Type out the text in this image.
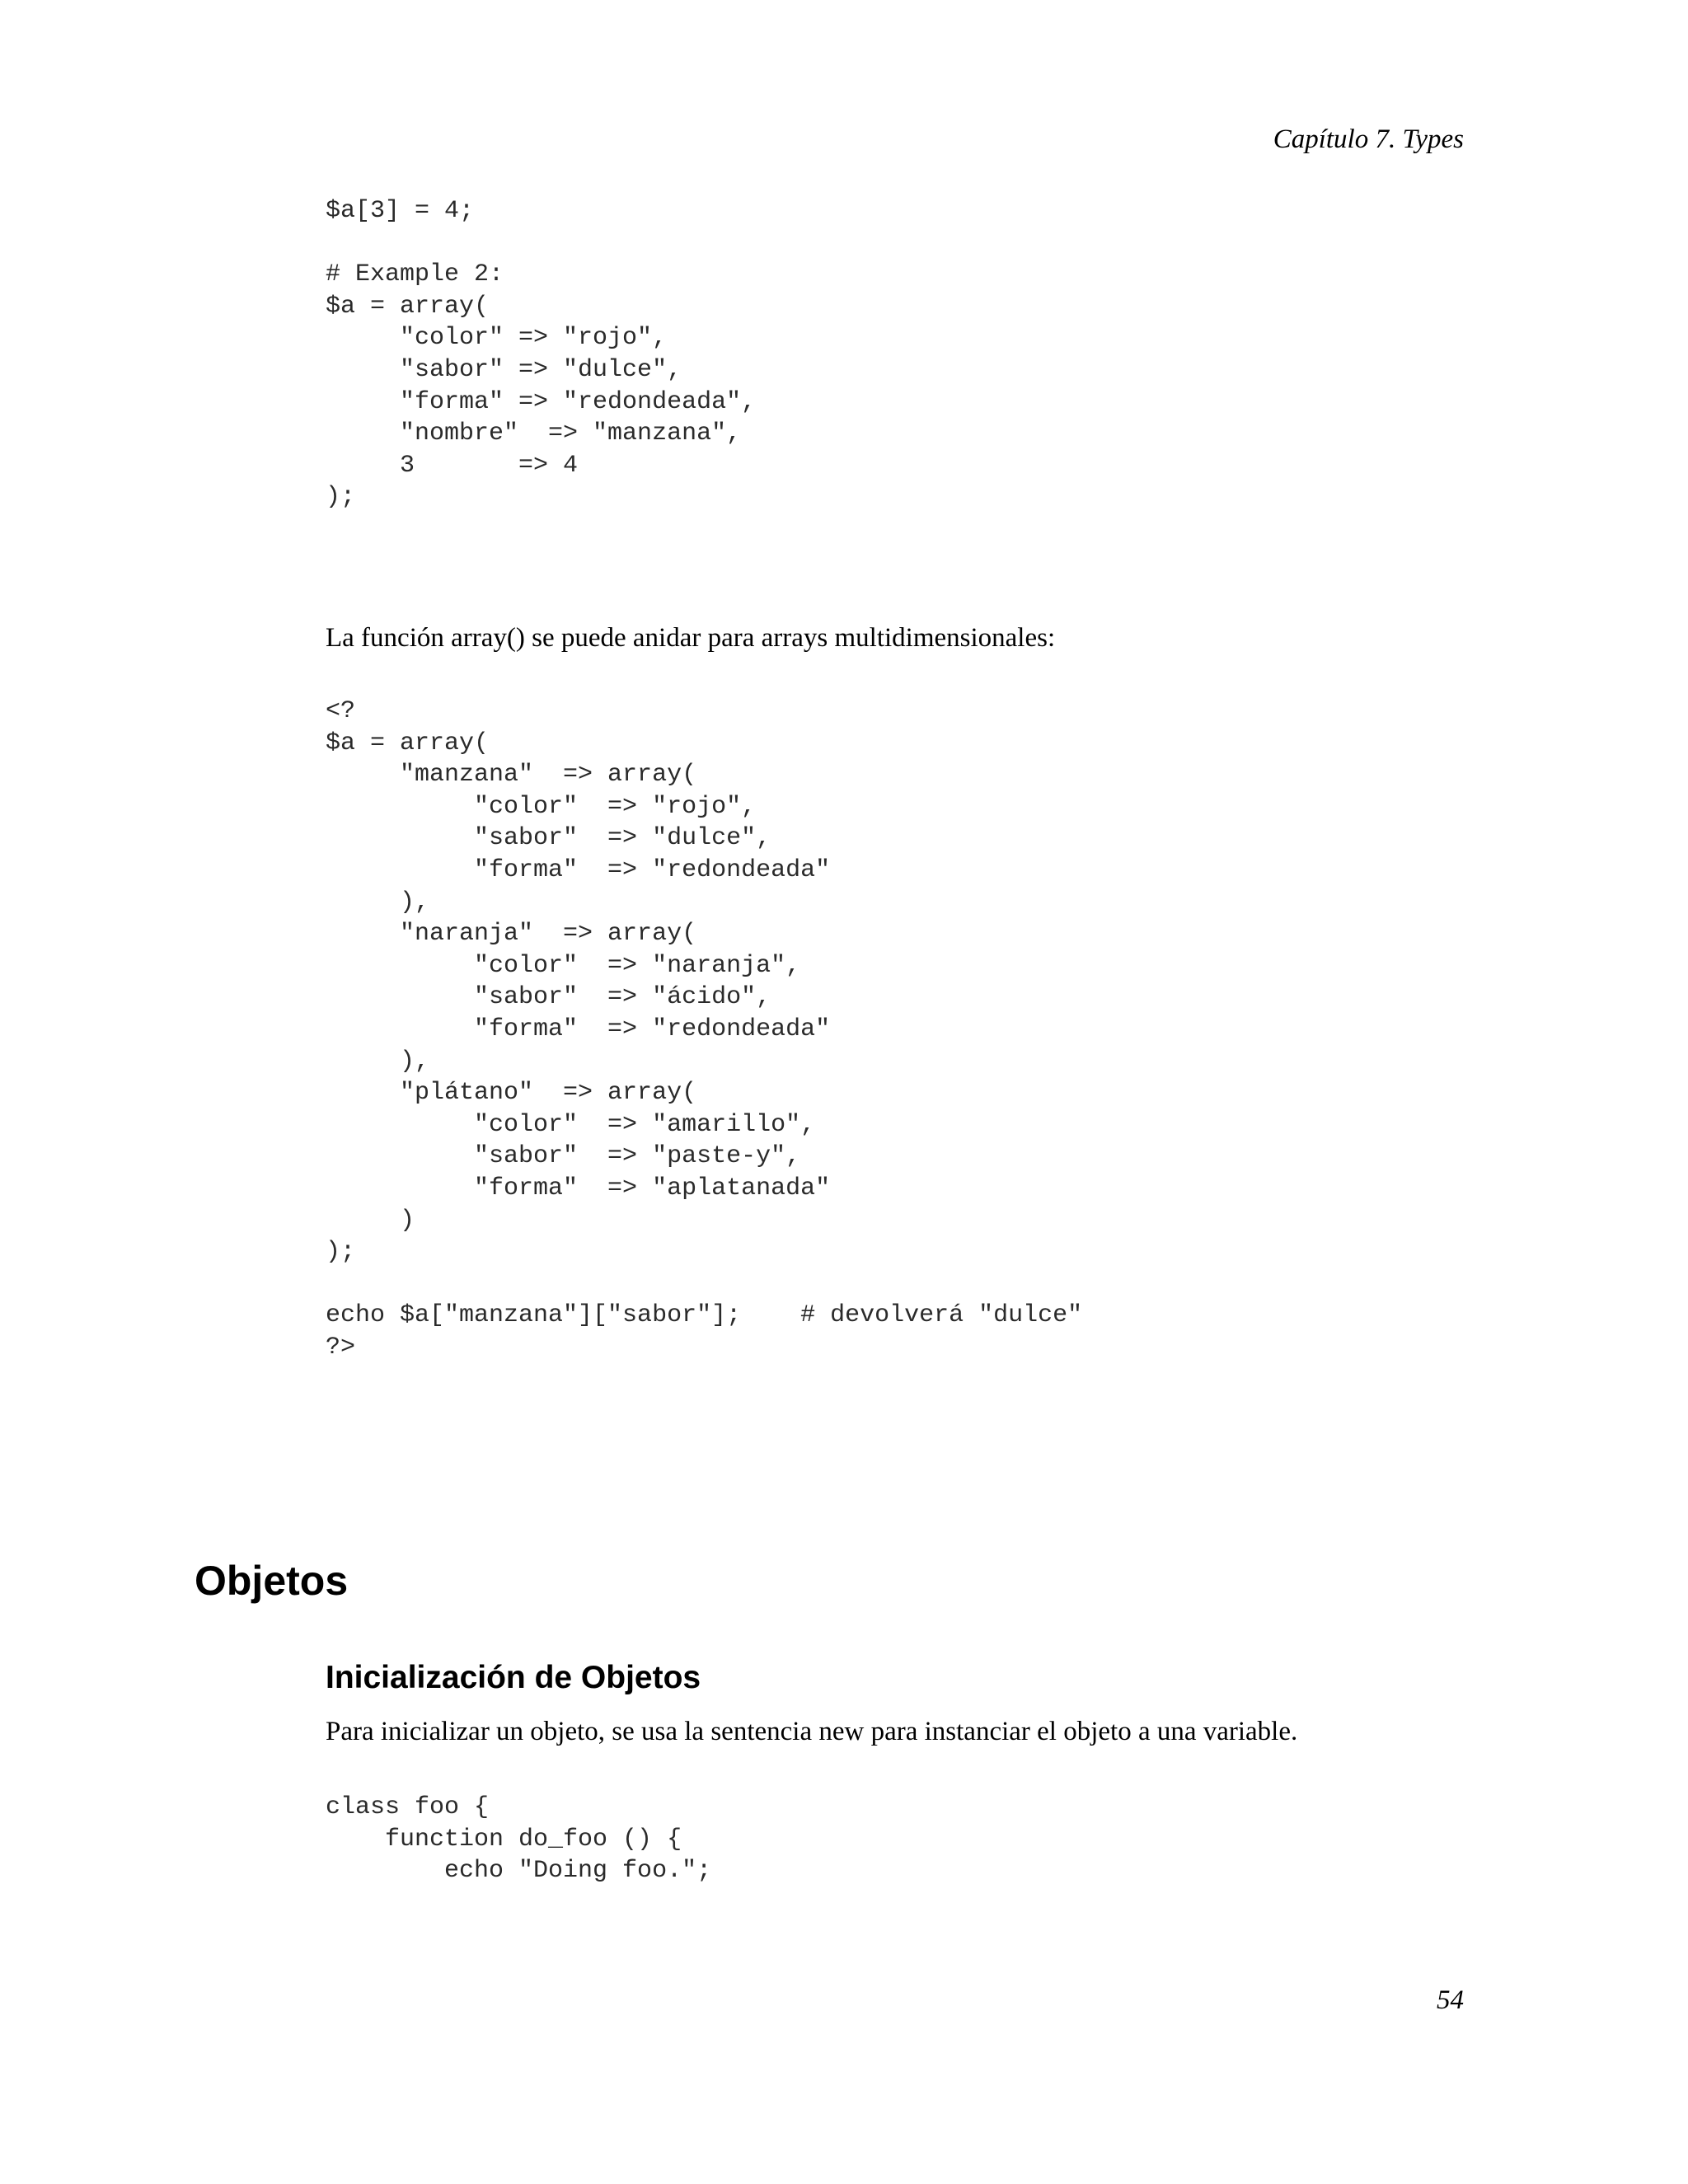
Capítulo 7. Types

$a[3] = 4;
# Example 2:
$a = array(
"color" => "rojo",
"sabor" => "dulce",
"forma" => "redondeada",
"nombre"  => "manzana",
3       => 4
);

La función array() se puede anidar para arrays multidimensionales:

<?
$a = array(
"manzana"  => array(
"color"  => "rojo",
"sabor"  => "dulce",
"forma"  => "redondeada"
),
"naranja"  => array(
"color"  => "naranja",
"sabor"  => "ácido",
"forma"  => "redondeada"
),
"plátano"  => array(
"color"  => "amarillo",
"sabor"  => "paste-y",
"forma"  => "aplatanada"
)
);
echo $a["manzana"]["sabor"];    # devolverá "dulce"
?>
Objetos
Inicialización de Objetos

Para inicializar un objeto, se usa la sentencia new para instanciar el objeto a una variable.

class foo {
function do_foo () {
echo "Doing foo.";

54
